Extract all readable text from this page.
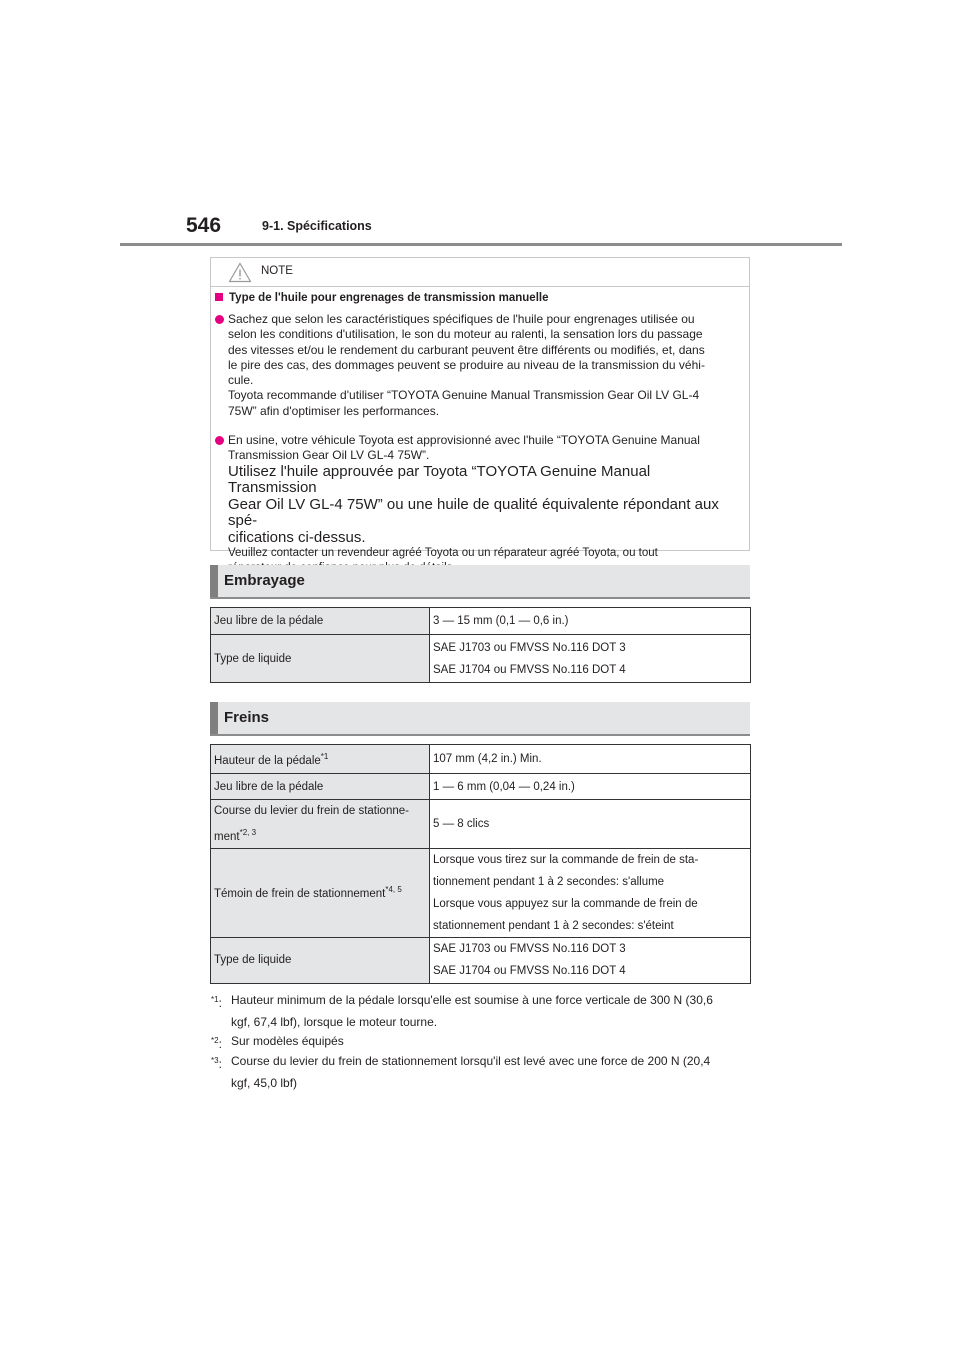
546	9-1. Spécifications
NOTE
Type de l'huile pour engrenages de transmission manuelle

Sachez que selon les caractéristiques spécifiques de l'huile pour engrenages utilisée ou

selon les conditions d'utilisation, le son du moteur au ralenti, la sensation lors du passage

des vitesses et/ou le rendement du carburant peuvent être différents ou modifiés, et, dans

le pire des cas, des dommages peuvent se produire au niveau de la transmission du véhi-

cule.

Toyota recommande d'utiliser “TOYOTA Genuine Manual Transmission Gear Oil LV GL-4

75W” afin d'optimiser les performances.

En usine, votre véhicule Toyota est approvisionné avec l'huile “TOYOTA Genuine Manual

Transmission Gear Oil LV GL-4 75W”.

Utilisez l'huile approuvée par Toyota “TOYOTA Genuine Manual Transmission

Gear Oil LV GL-4 75W” ou une huile de qualité équivalente répondant aux spé-

cifications ci-dessus.

Veuillez contacter un revendeur agréé Toyota ou un réparateur agréé Toyota, ou tout

Embrayage
Jeu libre de la pédale	3 — 15 mm (0,1 — 0,6 in.)
Type de liquide	SAE J1703 ou FMVSS No.116 DOT 3
SAE J1704 ou FMVSS No.116 DOT 4
Freins
Hauteur de la pédale$^{*1}$	107 mm (4,2 in.) Min.
Jeu libre de la pédale	1 — 6 mm (0,04 — 0,24 in.)

Course du levier du frein de stationne-
ment$^{*2, 3}$	5 — 8 clics
Témoin de frein de stationnement$^{*4, 5}$	Lorsque vous tirez sur la commande de frein de sta-
tionnement pendant 1 à 2 secondes: s'allume
Lorsque vous appuyez sur la commande de frein de
stationnement pendant 1 à 2 secondes: s'éteint

Type de liquide	SAE J1703 ou FMVSS No.116 DOT 3
SAE J1704 ou FMVSS No.116 DOT 4
$^{*1}$: Hauteur minimum de la pédale lorsqu'elle est soumise à une force verticale de 300 N (30,6
kgf, 67,4 lbf), lorsque le moteur tourne.
$^{*2}$: Sur modèles équipés
$^{*3}$: Course du levier du frein de stationnement lorsqu'il est levé avec une force de 200 N (20,4
kgf, 45,0 lbf)
